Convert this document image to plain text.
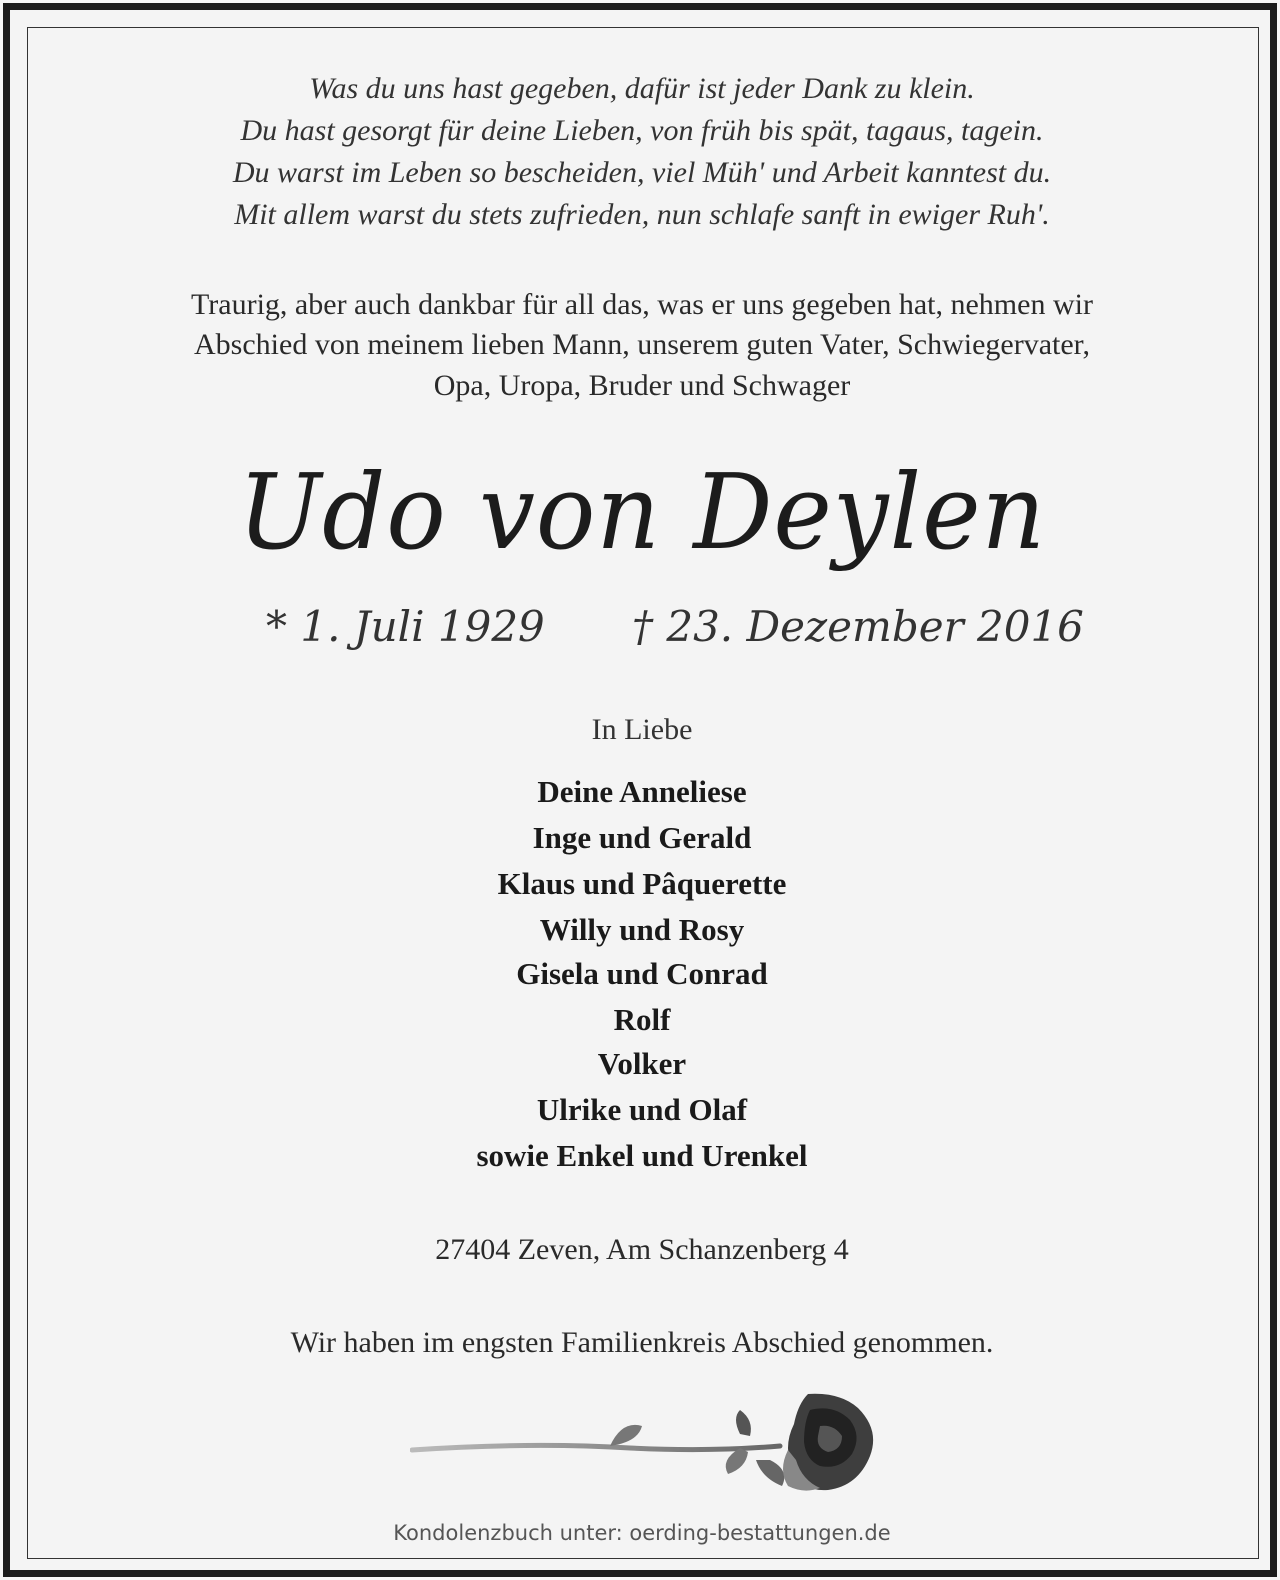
Was du uns hast gegeben, dafür ist jeder Dank zu klein.
Du hast gesorgt für deine Lieben, von früh bis spät, tagaus, tagein.
Du warst im Leben so bescheiden, viel Müh' und Arbeit kanntest du.
Mit allem warst du stets zufrieden, nun schlafe sanft in ewiger Ruh'.
Traurig, aber auch dankbar für all das, was er uns gegeben hat, nehmen wir
Abschied von meinem lieben Mann, unserem guten Vater, Schwiegervater,
Opa, Uropa, Bruder und Schwager
Udo von Deylen
* 1. Juli 1929 † 23. Dezember 2016
In Liebe
Deine Anneliese
Inge und Gerald
Klaus und Pâquerette
Willy und Rosy
Gisela und Conrad
Rolf
Volker
Ulrike und Olaf
sowie Enkel und Urenkel
27404 Zeven, Am Schanzenberg 4
Wir haben im engsten Familienkreis Abschied genommen.
Kondolenzbuch unter: oerding-bestattungen.de
